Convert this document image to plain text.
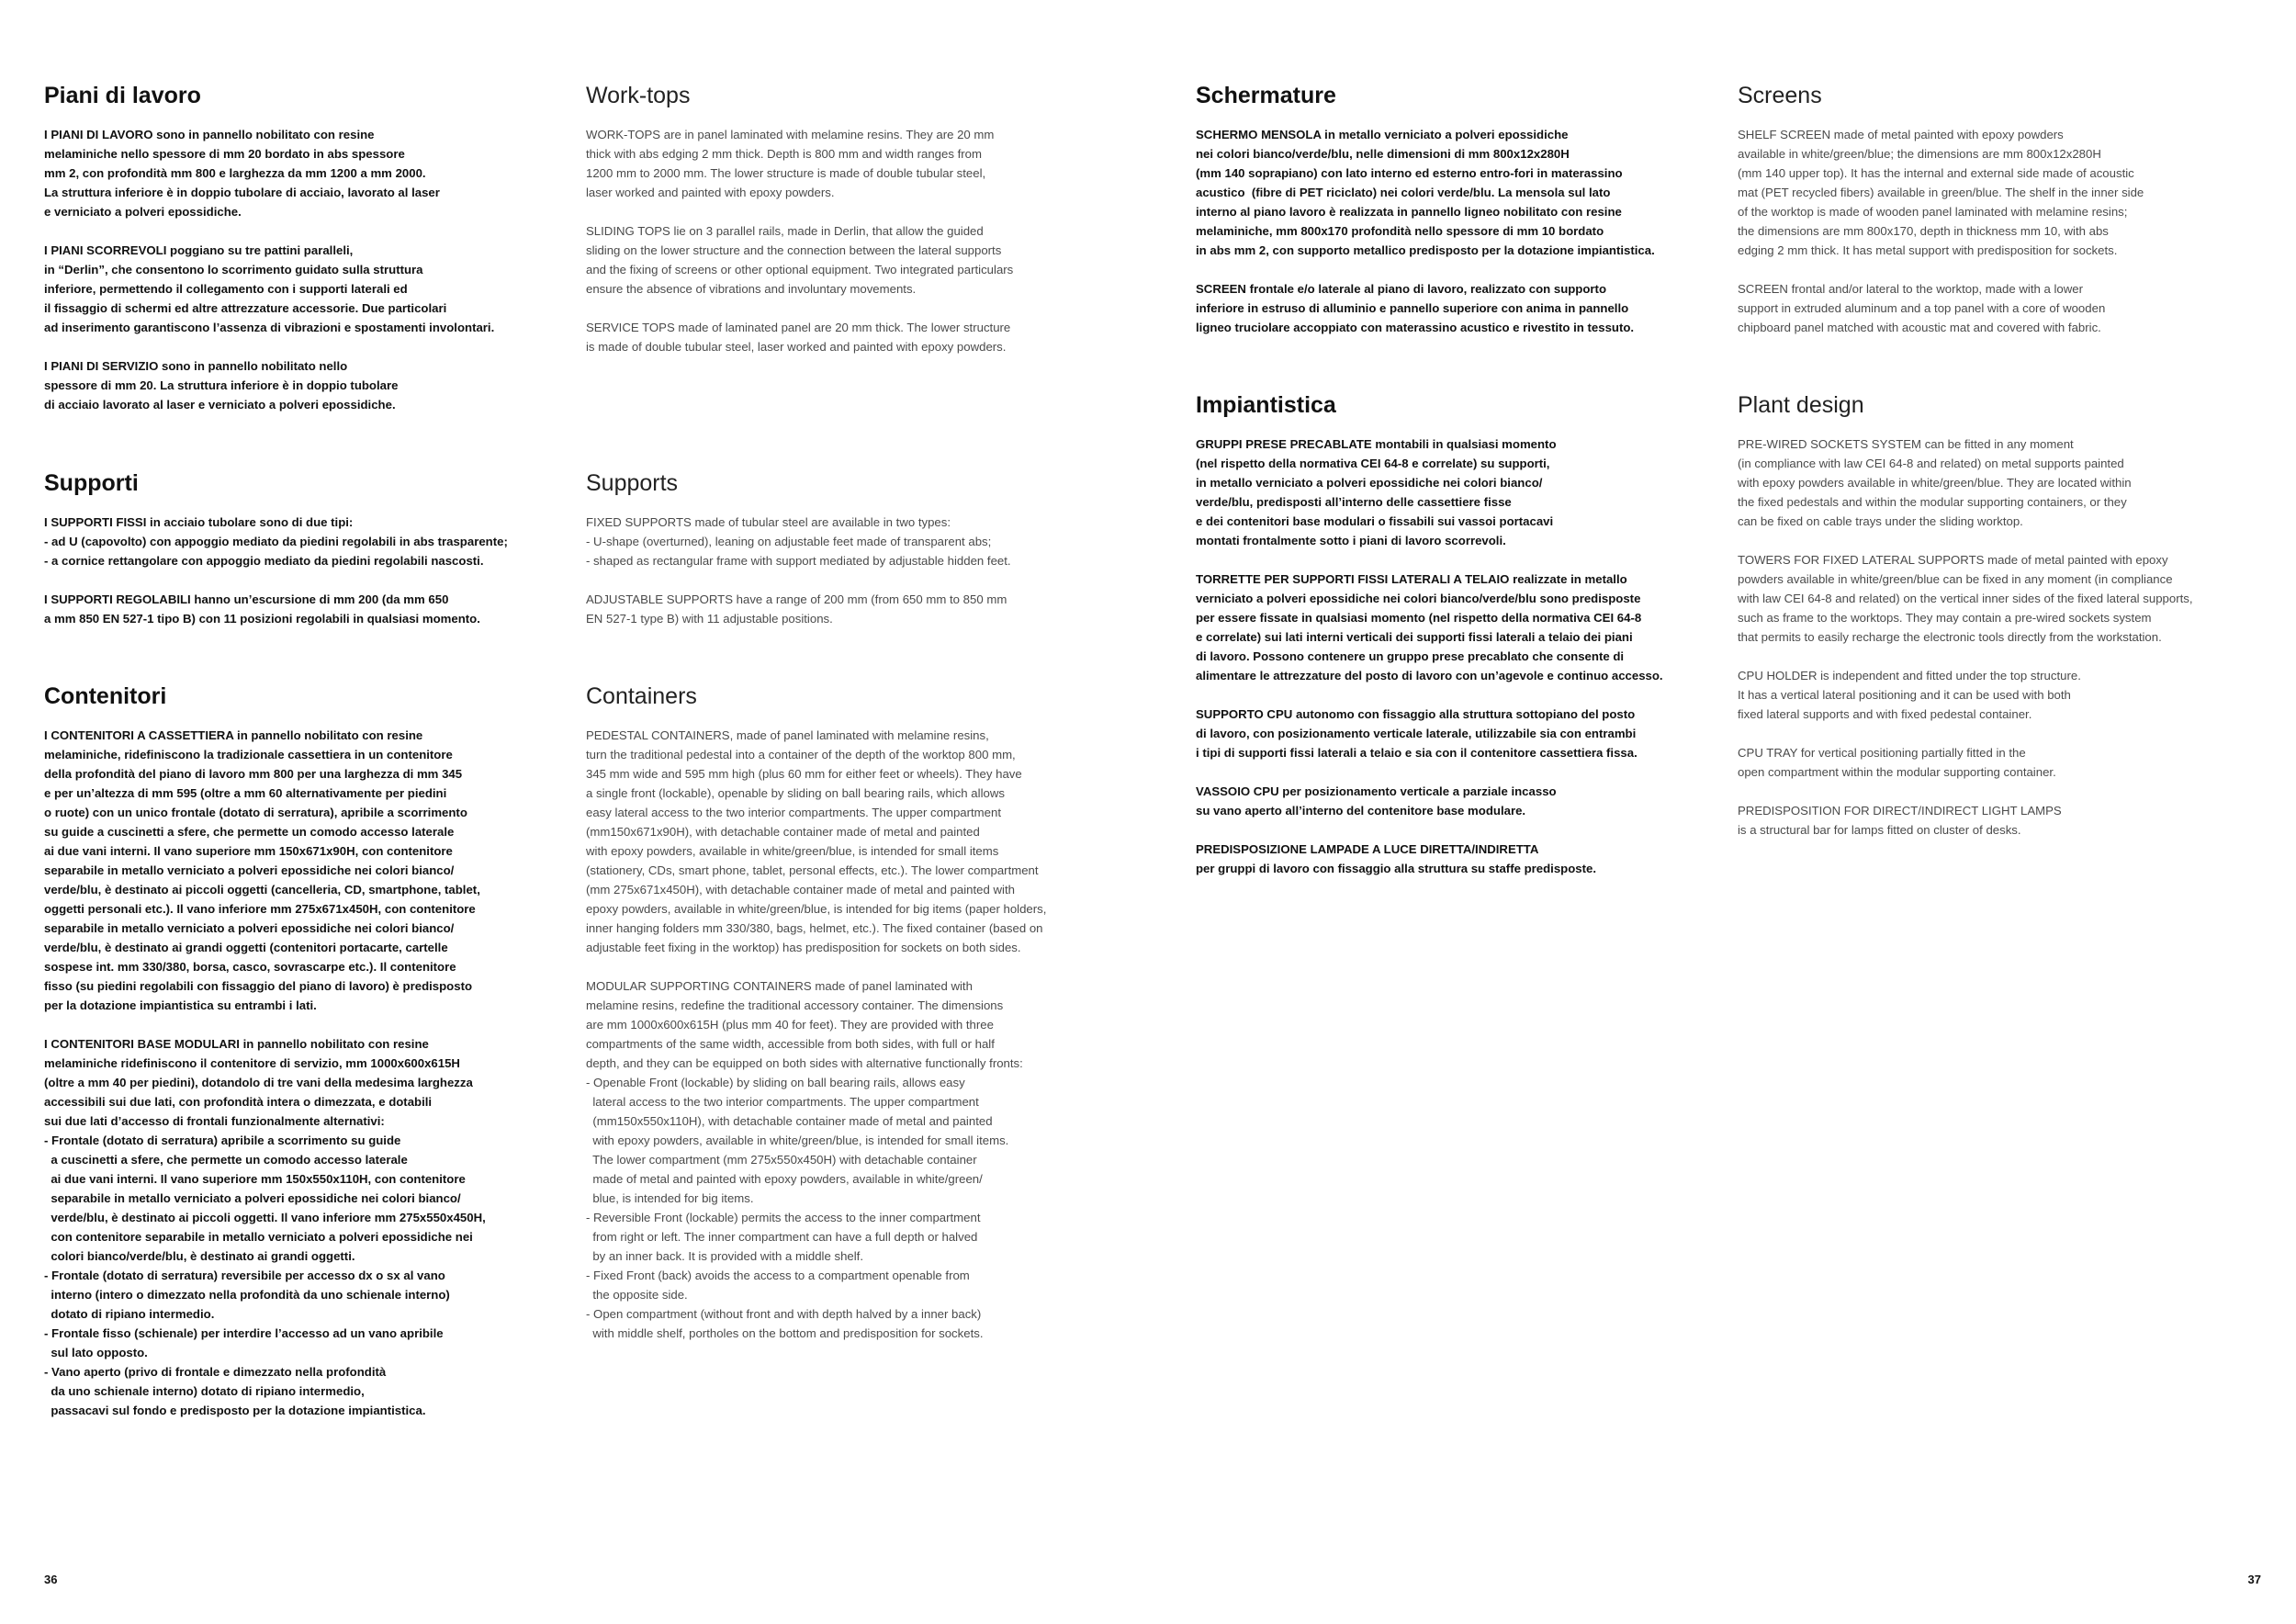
Piani di lavoro
I PIANI DI LAVORO sono in pannello nobilitato con resine
melaminiche nello spessore di mm 20 bordato in abs spessore
mm 2, con profondità mm 800 e larghezza da mm 1200 a mm 2000.
La struttura inferiore è in doppio tubolare di acciaio, lavorato al laser
e verniciato a polveri epossidiche.
I PIANI SCORREVOLI poggiano su tre pattini paralleli,
in “Derlin”, che consentono lo scorrimento guidato sulla struttura
inferiore, permettendo il collegamento con i supporti laterali ed
il fissaggio di schermi ed altre attrezzature accessorie. Due particolari
ad inserimento garantiscono l’assenza di vibrazioni e spostamenti involontari.
I PIANI DI SERVIZIO sono in pannello nobilitato nello
spessore di mm 20. La struttura inferiore è in doppio tubolare
di acciaio lavorato al laser e verniciato a polveri epossidiche.
Supporti
I SUPPORTI FISSI in acciaio tubolare sono di due tipi:
- ad U (capovolto) con appoggio mediato da piedini regolabili in abs trasparente;
- a cornice rettangolare con appoggio mediato da piedini regolabili nascosti.
I SUPPORTI REGOLABILI hanno un’escursione di mm 200 (da mm 650
a mm 850 EN 527-1 tipo B) con 11 posizioni regolabili in qualsiasi momento.
Contenitori
I CONTENITORI A CASSETTIERA in pannello nobilitato con resine
melaminiche, ridefiniscono la tradizionale cassettiera in un contenitore
della profondità del piano di lavoro mm 800 per una larghezza di mm 345
e per un’altezza di mm 595 (oltre a mm 60 alternativamente per piedini
o ruote) con un unico frontale (dotato di serratura), apribile a scorrimento
su guide a cuscinetti a sfere, che permette un comodo accesso laterale
ai due vani interni. Il vano superiore mm 150x671x90H, con contenitore
separabile in metallo verniciato a polveri epossidiche nei colori bianco/
verde/blu, è destinato ai piccoli oggetti (cancelleria, CD, smartphone, tablet,
oggetti personali etc.). Il vano inferiore mm 275x671x450H, con contenitore
separabile in metallo verniciato a polveri epossidiche nei colori bianco/
verde/blu, è destinato ai grandi oggetti (contenitori portacarte, cartelle
sospese int. mm 330/380, borsa, casco, sovrascarpe etc.). Il contenitore
fisso (su piedini regolabili con fissaggio del piano di lavoro) è predisposto
per la dotazione impiantistica su entrambi i lati.
I CONTENITORI BASE MODULARI in pannello nobilitato con resine
melaminiche ridefiniscono il contenitore di servizio, mm 1000x600x615H
(oltre a mm 40 per piedini), dotandolo di tre vani della medesima larghezza
accessibili sui due lati, con profondità intera o dimezzata, e dotabili
sui due lati d’accesso di frontali funzionalmente alternativi:
- Frontale (dotato di serratura) apribile a scorrimento su guide
a cuscinetti a sfere, che permette un comodo accesso laterale
ai due vani interni. Il vano superiore mm 150x550x110H, con contenitore
separabile in metallo verniciato a polveri epossidiche nei colori bianco/
verde/blu, è destinato ai piccoli oggetti. Il vano inferiore mm 275x550x450H,
con contenitore separabile in metallo verniciato a polveri epossidiche nei
colori bianco/verde/blu, è destinato ai grandi oggetti.
- Frontale (dotato di serratura) reversibile per accesso dx o sx al vano
interno (intero o dimezzato nella profondità da uno schienale interno)
dotato di ripiano intermedio.
- Frontale fisso (schienale) per interdire l’accesso ad un vano apribile
sul lato opposto.
- Vano aperto (privo di frontale e dimezzato nella profondità
da uno schienale interno) dotato di ripiano intermedio,
passacavi sul fondo e predisposto per la dotazione impiantistica.
Work-tops
WORK-TOPS are in panel laminated with melamine resins. They are 20 mm
thick with abs edging 2 mm thick. Depth is 800 mm and width ranges from
1200 mm to 2000 mm. The lower structure is made of double tubular steel,
laser worked and painted with epoxy powders.
SLIDING TOPS lie on 3 parallel rails, made in Derlin, that allow the guided
sliding on the lower structure and the connection between the lateral supports
and the fixing of screens or other optional equipment. Two integrated particulars
ensure the absence of vibrations and involuntary movements.
SERVICE TOPS made of laminated panel are 20 mm thick. The lower structure
is made of double tubular steel, laser worked and painted with epoxy powders.
Supports
FIXED SUPPORTS made of tubular steel are available in two types:
- U-shape (overturned), leaning on adjustable feet made of transparent abs;
- shaped as rectangular frame with support mediated by adjustable hidden feet.
ADJUSTABLE SUPPORTS have a range of 200 mm (from 650 mm to 850 mm
EN 527-1 type B) with 11 adjustable positions.
Containers
PEDESTAL CONTAINERS, made of panel laminated with melamine resins,
turn the traditional pedestal into a container of the depth of the worktop 800 mm,
345 mm wide and 595 mm high (plus 60 mm for either feet or wheels). They have
a single front (lockable), openable by sliding on ball bearing rails, which allows
easy lateral access to the two interior compartments. The upper compartment
(mm150x671x90H), with detachable container made of metal and painted
with epoxy powders, available in white/green/blue, is intended for small items
(stationery, CDs, smart phone, tablet, personal effects, etc.). The lower compartment
(mm 275x671x450H), with detachable container made of metal and painted with
epoxy powders, available in white/green/blue, is intended for big items (paper holders,
inner hanging folders mm 330/380, bags, helmet, etc.). The fixed container (based on
adjustable feet fixing in the worktop) has predisposition for sockets on both sides.
MODULAR SUPPORTING CONTAINERS made of panel laminated with
melamine resins, redefine the traditional accessory container. The dimensions
are mm 1000x600x615H (plus mm 40 for feet). They are provided with three
compartments of the same width, accessible from both sides, with full or half
depth, and they can be equipped on both sides with alternative functionally fronts:
- Openable Front (lockable) by sliding on ball bearing rails, allows easy
lateral access to the two interior compartments. The upper compartment
(mm150x550x110H), with detachable container made of metal and painted
with epoxy powders, available in white/green/blue, is intended for small items.
The lower compartment (mm 275x550x450H) with detachable container
made of metal and painted with epoxy powders, available in white/green/
blue, is intended for big items.
- Reversible Front (lockable) permits the access to the inner compartment
from right or left. The inner compartment can have a full depth or halved
by an inner back. It is provided with a middle shelf.
- Fixed Front (back) avoids the access to a compartment openable from
the opposite side.
- Open compartment (without front and with depth halved by a inner back)
with middle shelf, portholes on the bottom and predisposition for sockets.
Schermature
SCHERMO MENSOLA in metallo verniciato a polveri epossidiche
nei colori bianco/verde/blu, nelle dimensioni di mm 800x12x280H
(mm 140 soprapiano) con lato interno ed esterno entro-fori in materassino
acustico  (fibre di PET riciclato) nei colori verde/blu. La mensola sul lato
interno al piano lavoro è realizzata in pannello ligneo nobilitato con resine
melaminiche, mm 800x170 profondità nello spessore di mm 10 bordato
in abs mm 2, con supporto metallico predisposto per la dotazione impiantistica.
SCREEN frontale e/o laterale al piano di lavoro, realizzato con supporto
inferiore in estruso di alluminio e pannello superiore con anima in pannello
ligneo truciolare accoppiato con materassino acustico e rivestito in tessuto.
Impiantistica
GRUPPI PRESE PRECABLATE montabili in qualsiasi momento
(nel rispetto della normativa CEI 64-8 e correlate) su supporti,
in metallo verniciato a polveri epossidiche nei colori bianco/
verde/blu, predisposti all’interno delle cassettiere fisse
e dei contenitori base modulari o fissabili sui vassoi portacavi
montati frontalmente sotto i piani di lavoro scorrevoli.
TORRETTE PER SUPPORTI FISSI LATERALI A TELAIO realizzate in metallo
verniciato a polveri epossidiche nei colori bianco/verde/blu sono predisposte
per essere fissate in qualsiasi momento (nel rispetto della normativa CEI 64-8
e correlate) sui lati interni verticali dei supporti fissi laterali a telaio dei piani
di lavoro. Possono contenere un gruppo prese precablato che consente di
alimentare le attrezzature del posto di lavoro con un’agevole e continuo accesso.
SUPPORTO CPU autonomo con fissaggio alla struttura sottopiano del posto
di lavoro, con posizionamento verticale laterale, utilizzabile sia con entrambi
i tipi di supporti fissi laterali a telaio e sia con il contenitore cassettiera fissa.
VASSOIO CPU per posizionamento verticale a parziale incasso
su vano aperto all’interno del contenitore base modulare.
PREDISPOSIZIONE LAMPADE A LUCE DIRETTA/INDIRETTA
per gruppi di lavoro con fissaggio alla struttura su staffe predisposte.
Screens
SHELF SCREEN made of metal painted with epoxy powders
available in white/green/blue; the dimensions are mm 800x12x280H
(mm 140 upper top). It has the internal and external side made of acoustic
mat (PET recycled fibers) available in green/blue. The shelf in the inner side
of the worktop is made of wooden panel laminated with melamine resins;
the dimensions are mm 800x170, depth in thickness mm 10, with abs
edging 2 mm thick. It has metal support with predisposition for sockets.
SCREEN frontal and/or lateral to the worktop, made with a lower
support in extruded aluminum and a top panel with a core of wooden
chipboard panel matched with acoustic mat and covered with fabric.
Plant design
PRE-WIRED SOCKETS SYSTEM can be fitted in any moment
(in compliance with law CEI 64-8 and related) on metal supports painted
with epoxy powders available in white/green/blue. They are located within
the fixed pedestals and within the modular supporting containers, or they
can be fixed on cable trays under the sliding worktop.
TOWERS FOR FIXED LATERAL SUPPORTS made of metal painted with epoxy
powders available in white/green/blue can be fixed in any moment (in compliance
with law CEI 64-8 and related) on the vertical inner sides of the fixed lateral supports,
such as frame to the worktops. They may contain a pre-wired sockets system
that permits to easily recharge the electronic tools directly from the workstation.
CPU HOLDER is independent and fitted under the top structure.
It has a vertical lateral positioning and it can be used with both
fixed lateral supports and with fixed pedestal container.
CPU TRAY for vertical positioning partially fitted in the
open compartment within the modular supporting container.
PREDISPOSITION FOR DIRECT/INDIRECT LIGHT LAMPS
is a structural bar for lamps fitted on cluster of desks.
36	37
